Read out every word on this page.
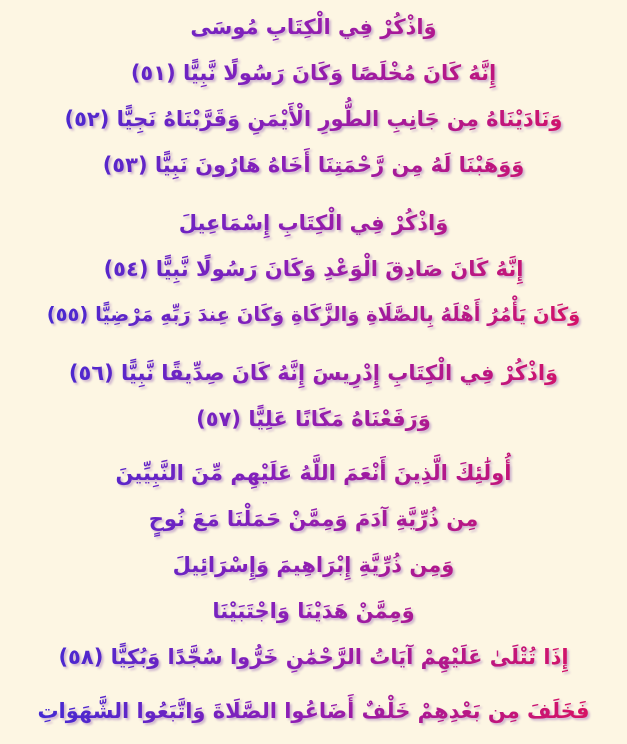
وَاذْكُرْ فِي الْكِتَابِ مُوسَى
إِنَّهُ كَانَ مُخْلَصًا وَكَانَ رَسُولًا نَّبِيًّا (٥١)
وَنَادَيْنَاهُ مِن جَانِبِ الطُّورِ الْأَيْمَنِ وَقَرَّبْنَاهُ نَجِيًّا (٥٢)
وَوَهَبْنَا لَهُ مِن رَّحْمَتِنَا أَخَاهُ هَارُونَ نَبِيًّا (٥٣)
وَاذْكُرْ فِي الْكِتَابِ إِسْمَاعِيلَ
إِنَّهُ كَانَ صَادِقَ الْوَعْدِ وَكَانَ رَسُولًا نَّبِيًّا (٥٤)
وَكَانَ يَأْمُرُ أَهْلَهُ بِالصَّلَاةِ وَالزَّكَاةِ وَكَانَ عِندَ رَبِّهِ مَرْضِيًّا (٥٥)
وَاذْكُرْ فِي الْكِتَابِ إِدْرِيسَ إِنَّهُ كَانَ صِدِّيقًا نَّبِيًّا (٥٦)
وَرَفَعْنَاهُ مَكَانًا عَلِيًّا (٥٧)
أُولَٰئِكَ الَّذِينَ أَنْعَمَ اللَّهُ عَلَيْهِم مِّنَ النَّبِيِّينَ
مِن ذُرِّيَّةِ آدَمَ وَمِمَّنْ حَمَلْنَا مَعَ نُوحٍ
وَمِن ذُرِّيَّةِ إِبْرَاهِيمَ وَإِسْرَائِيلَ
وَمِمَّنْ هَدَيْنَا وَاجْتَبَيْنَا
إِذَا تُتْلَىٰ عَلَيْهِمْ آيَاتُ الرَّحْمَٰنِ خَرُّوا سُجَّدًا وَبُكِيًّا (٥٨)
فَخَلَفَ مِن بَعْدِهِمْ خَلْفٌ أَضَاعُوا الصَّلَاةَ وَاتَّبَعُوا الشَّهَوَاتِ
